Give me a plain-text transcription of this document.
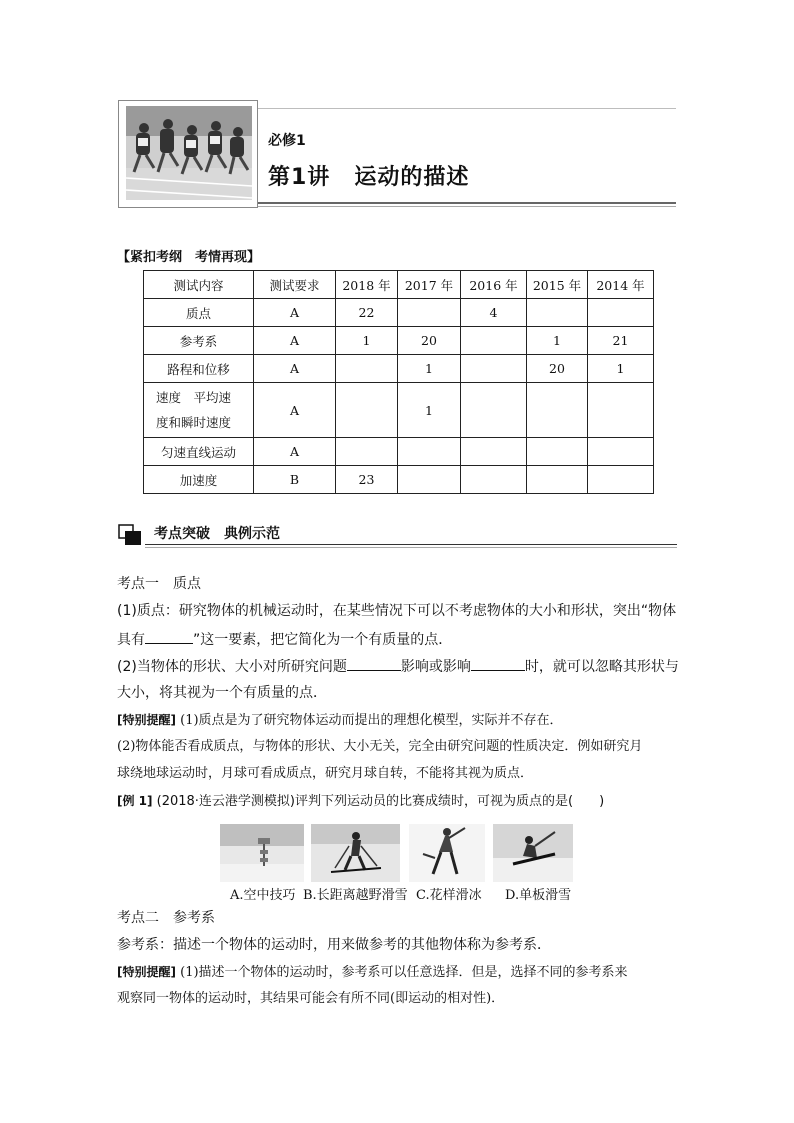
必修1
第1讲 运动的描述
【紧扣考纲　考情再现】
测试内容	测试要求	2018 年	2017 年	2016 年	2015 年	2014 年
质点	A	22		4		
参考系	A	1	20		1	21
路程和位移	A		1		20	1
速度　平均速
度和瞬时速度	A		1			
匀速直线运动	A					
加速度	B	23				
考点突破　典例示范
考点一　质点
(1)质点：研究物体的机械运动时，在某些情况下可以不考虑物体的大小和形状，突出“物体
具有	”这一要素，把它简化为一个有质量的点．
(2)当物体的形状、大小对所研究问题	影响或影响	时，就可以忽略其形状与
大小，将其视为一个有质量的点．
[特别提醒] (1)质点是为了研究物体运动而提出的理想化模型，实际并不存在．
(2)物体能否看成质点，与物体的形状、大小无关，完全由研究问题的性质决定．例如研究月
球绕地球运动时，月球可看成质点，研究月球自转，不能将其视为质点．
[例 1] (2018·连云港学测模拟)评判下列运动员的比赛成绩时，可视为质点的是(　　)
A.空中技巧 B.长距离越野滑雪 C.花样滑冰 D.单板滑雪
考点二　参考系
参考系：描述一个物体的运动时，用来做参考的其他物体称为参考系．
[特别提醒] (1)描述一个物体的运动时，参考系可以任意选择．但是，选择不同的参考系来
观察同一物体的运动时，其结果可能会有所不同(即运动的相对性)．
